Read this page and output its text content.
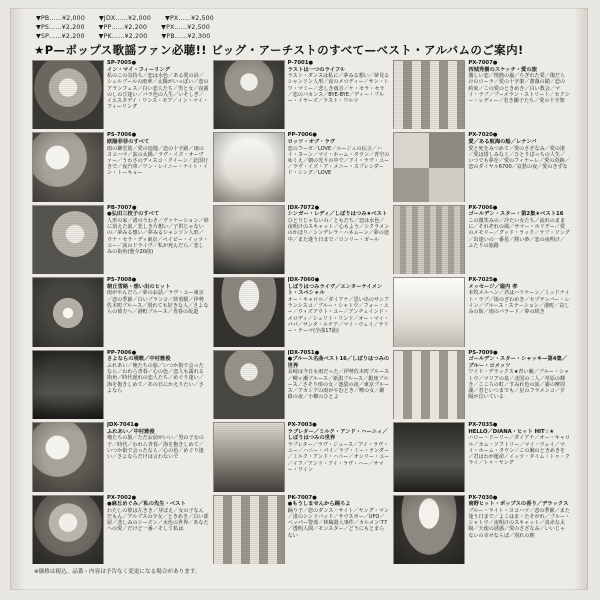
▼PB……¥2,000 ▼JDX……¥2,000 ▼PX……¥2,500
▼PS……¥2,200 ▼PP……¥2,200 ▼PX……¥2,500
▼SP……¥2,200 ▼PK……¥2,200 ▼PB……¥2,300
★P—ポップス歌謡ファン必聴!! ビッグ・アーチストのすべて—ベスト・アルバムのご案内!
SP-7005●
イン・マイ・フィーリング
私のこの気持ち／恋は水色／ある愛の詩／シェルブールの雨傘／太陽がいっぱい／恋のアランフェス／白い恋人たち／男と女／夜霧のしのび逢い／バラ色の人生／いそしぎ／イエスタデイ・ワンス・モア／イン・マイ・フィーリング
P-7001●
ラストは一つのライフ①
ラスト・ダンスは私に／夢みる想い／夢見るシャンソン人形／夜のメロディー／サン・トワ・マミー／悲しき雨音／ケ・セラ・セラ／恋のバカンス／BYE-BYE／ディー・ブルー・イヤーズ／ラスト・ワルツ
PX-7007●
西城秀樹のスケッチ・愛の旅
激しい恋／情熱の嵐／ちぎれた愛／傷だらけのローラ／愛の十字架／薔薇の鎖／恋の約束／この愛のときめき／白い教会／マイ・ラブ／ブーメラン・ストリート／セクシー・レディー／若き獅子たち／愛の十字架
PS-7006●
欧陽菲菲のすべて
雨の御堂筋／愛の追憶／恋の十字路／雨のヨコハマ／涙の太陽／ラヴ・イズ・オーヴァー／うわさのディスコ・クイーン／北国行きで／夜汽車／ワン・レイニー・ナイト・イン・トーキョー
PP-7006●
ロッツ・オブ・ラヴ
恋のフーガ／LOVE／ルージュの伝言／ハイ・ヌーン／マイ・ホーム・タウン／青空のゆくえ／朝の光りの中で／アイ・ラヴ・ユー／ラヴ・イズ・ア・メニー・スプレンダード・シング／LOVE
PX-7020●
愛／ある航海の船／レナンバ
愛と死をみつめて／愛のさざなみ／愛の渚／愛は惜しみなく／ひとりぼっちの人生／いつでも夢を／愛のフィナーレ／愛の奇跡／恋のダイヤル6700／哀愁の夜／愛のきずな
PB-7007●
●弘田三枝子のすべて
人形の家／渚のうわさ／ヴァケーション／砂に消えた涙／悲しき片想い／子供じゃないの／夢みる想い／夢みるシャンソン人形／ウナ・セラ・ディ東京／ベイビー・イッツ・ユー／涙のドライヴ／私が死んだら／悲しみの街角(他全20曲)
JDX-7072●
シンガー・レディ／しぼりはつみ★ベスト
ひとりじゃないの／ともだち／恋は水色／夜明けのスキャット／心もよう／シクラメンのかほり／シンデレラ・ハネムーン／夢の途中／また逢う日まで／ロンリー・ガール
PX-7006●
ゴールデン・スター・第2集★ベスト16
この微笑みの／冷たい女たち／流れのままに／それぞれの風／サマー・ホリデー／愛のメモリー／グッド・ラック／ラブ・ソング／出逢いの一番星／熱い砂／恋の夜明け／ふたりの旅路
PS-7008●
朝丘雪路・想い出のヒット
雨がやんだら／夢のお話／ラヴ・ユー東京／恋の季節／白いブランコ／終着駅／伊勢佐木町ブルース／別れても好きな人／さよならの彼方へ／港町ブルース／青春の坂道
JDX-7060●
しぼりはつみライヴ／エンターテイメント・スペシャル
オー・キャロル／ダイアナ／思い出のサンフランシスコ／ブルー・シャトウ／フォー・ユー／ウィズアウト・ユー／アンチェインド・メロディ／シェリト・リンド／オー・マイ・パパ／サンタ・ルチア／マイ・ウェイ／テリー・テーマ(全曲17曲)
PX-7025●
メッセージ／鹿内 孝
本牧メルヘン／君はハリケーン／ミッドナイト・ラブ／街のざわめき／セプテンバー・レイン／ブルース・ステーション／港町／哀しみの街／雨のバラード／夢の続き
PP-7006●
さよならの境歌／中村雅俊
ふれあい／俺たちの旅／いつか街で会ったなら／われら青春／心の色／恋人も濡れる街角／時代遅れの恋人たち／めぐり逢い／海を抱きしめて／あの日にかえりたい／さよなら
JDX-7051●
●ブルース名曲ベスト16／しぼりはつみの世界
長崎は今日も雨だった／伊勢佐木町ブルース／柳ヶ瀬ブルース／新潟ブルース／銀座ブルース／さそり座の女／池袋の夜／東京ブルース／アカシアの雨がやむとき／噂の女／釧路の夜／小樽のひとよ
PS-7009●
ゴールデン・スター・シャッキ—第4集／ブルー・コメッツ
ワイド・デラックス★青い瞳／ブルー・シャトウ／マリアの泉／北国の二人／草原の輝き／こころの虹／すみれ色の涙／霧の摩周湖／君といつまでも／星のフラメンコ／夕陽が泣いている
JDX-7041●
ふれあい／中村雅俊
俺たちの旅／ただお前がいい／男の子女の子／時代／われら青春／海を抱きしめて／いつか街で会ったなら／心の色／めぐり逢い／さよならだけは言わないで
PX-7003●
ラブレター／ミルク・アンド・ハーニィ／しぼりはつみの世界
ラブレター／ラヴ・ジュース／アイ・ラヴ・ユー／ハニー・パイ／ラブ・ミー・テンダー／ミルク・アンド・ハニー／オンリー・ユー／イフ／アンド・アイ・ラヴ・ハー／サマー・ワイン
PX-7035●
HELLO／DIANA・ヒット HIT☆★
ハロー・ドーリー／ダイアナ／オー・キャロル／カム・ソフトリー／マイ・ウェイ／マイ・ホーム・タウン／この胸のときめきを／君はわが運命／イッツ・タイム・トゥ・クライ／トゥ・ヤング
PX-7002●
●麻丘めぐみ／私の先生・ベスト
わたしの彼は左きき／芽ばえ／女の子なんだもん／アルプスの少女／ときめき／白い部屋／悲しみのシーズン／水色の世界／あなたへの愛／だけど一番／そして私は
PK-7007●
●もうしませんから踊ろよ
踊り子／恋のダンス・サイト／ヤング・マン／渚のシンドバッド／サウスポー／UFO／ペッパー警部／林檎殺人事件／カルメン'77／透明人間／モンスター／どうにもとまらない
PX-7030●
南野ヒット・ポップスの香り／デラックス
ブルー・ライト・ヨコハマ／恋の季節／また逢う日まで／よこはま・たそがれ／ブルー・シャトウ／夜明けのスキャット／真赤な太陽／天使の誘惑／愛のさざなみ／いいじゃないの幸せならば／別れの朝
※価格は税込。品番・内容は予告なく変更になる場合があります。
